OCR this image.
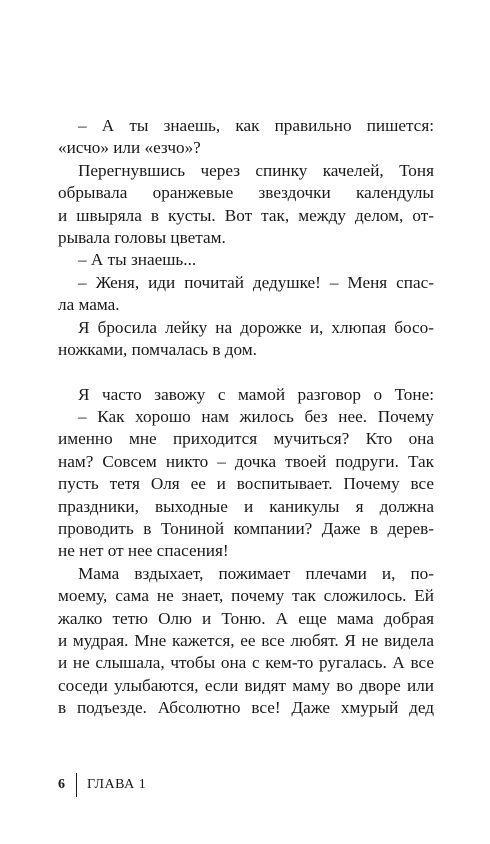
– А ты знаешь, как правильно пишется:
«исчо» или «езчо»?
Перегнувшись через спинку качелей, Тоня
обрывала оранжевые звездочки календулы
и швыряла в кусты. Вот так, между делом, от-
рывала головы цветам.
– А ты знаешь...
– Женя, иди почитай дедушке! – Меня спас-
ла мама.
Я бросила лейку на дорожке и, хлюпая босо-
ножками, помчалась в дом.
Я часто завожу с мамой разговор о Тоне:
– Как хорошо нам жилось без нее. Почему
именно мне приходится мучиться? Кто она
нам? Совсем никто – дочка твоей подруги. Так
пусть тетя Оля ее и воспитывает. Почему все
праздники, выходные и каникулы я должна
проводить в Тониной компании? Даже в дерев-
не нет от нее спасения!
Мама вздыхает, пожимает плечами и, по-
моему, сама не знает, почему так сложилось. Ей
жалко тетю Олю и Тоню. А еще мама добрая
и мудрая. Мне кажется, ее все любят. Я не видела
и не слышала, чтобы она с кем-то ругалась. А все
соседи улыбаются, если видят маму во дворе или
в подъезде. Абсолютно все! Даже хмурый дед
6	ГЛАВА 1
